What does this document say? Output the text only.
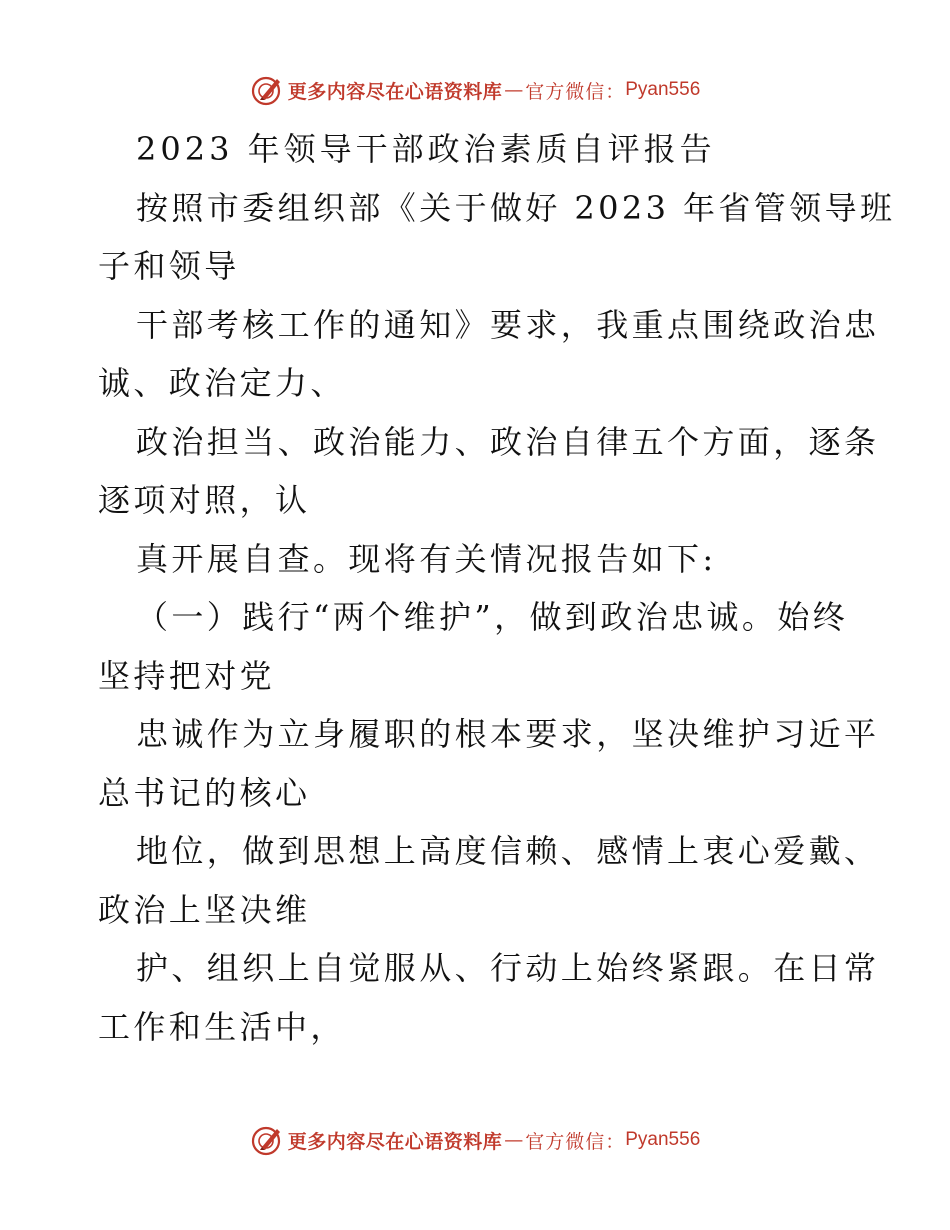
更多内容尽在心语资料库 — 官方微信： Pyan556
2023 年领导干部政治素质自评报告
按照市委组织部《关于做好 2023 年省管领导班
子和领导
干部考核工作的通知》要求，我重点围绕政治忠
诚、政治定力、
政治担当、政治能力、政治自律五个方面，逐条
逐项对照，认
真开展自查。现将有关情况报告如下:
（一）践行“两个维护”，做到政治忠诚。始终
坚持把对党
忠诚作为立身履职的根本要求，坚决维护习近平
总书记的核心
地位，做到思想上高度信赖、感情上衷心爱戴、
政治上坚决维
护、组织上自觉服从、行动上始终紧跟。在日常
工作和生活中，
更多内容尽在心语资料库 — 官方微信： Pyan556
